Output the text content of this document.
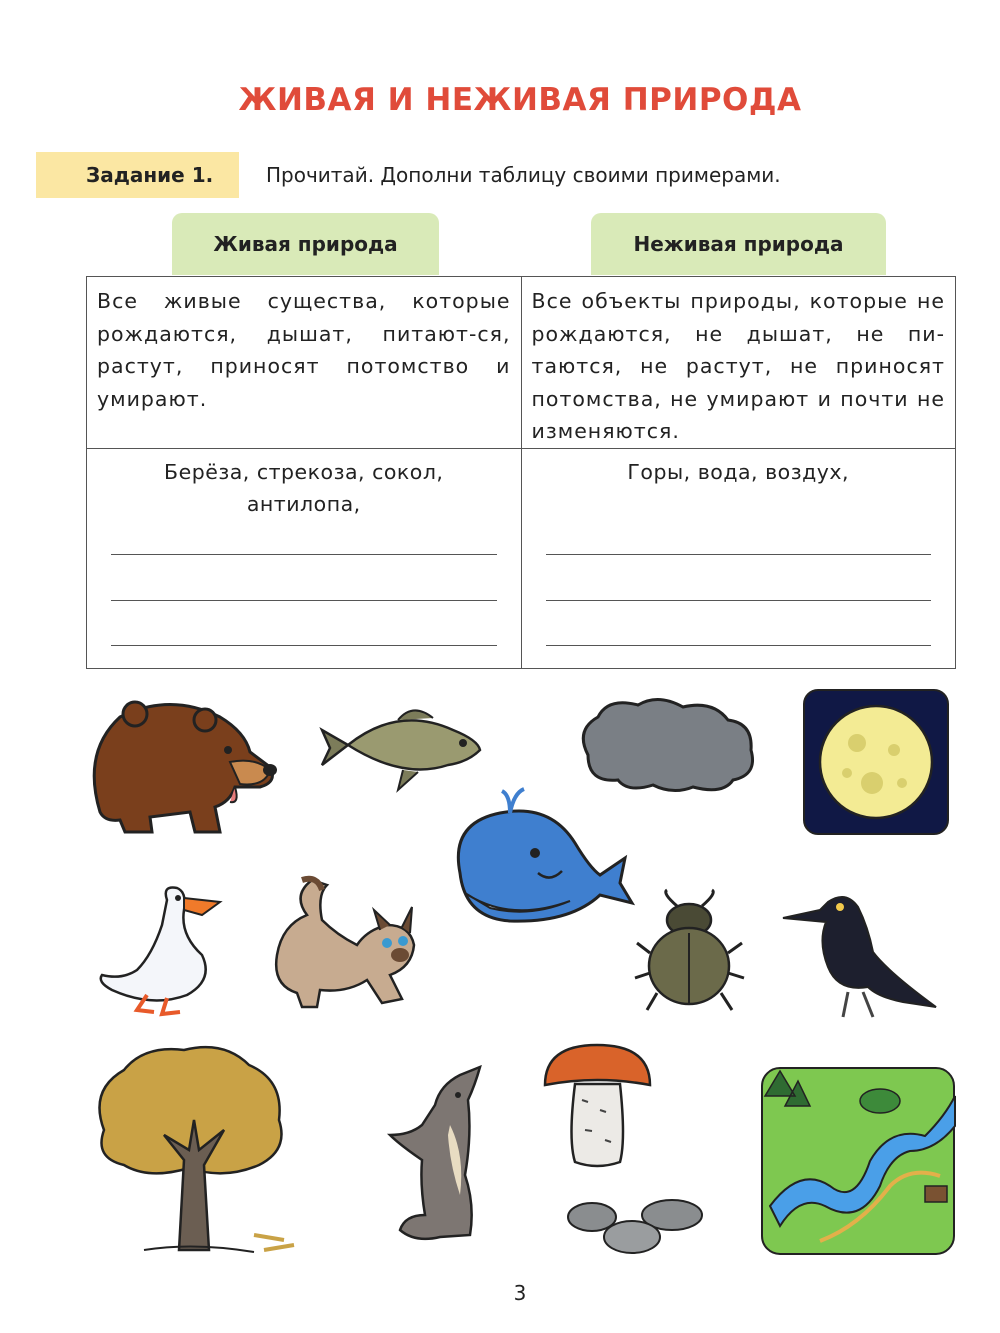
ЖИВАЯ И НЕЖИВАЯ ПРИРОДА
Задание 1.	Прочитай. Дополни таблицу своими примерами.
Живая природа	Неживая природа
Все живые существа, которые рождаются, дышат, питают-ся, растут, приносят потомство и умирают.	Все объекты природы, которые не рождаются, не дышат, не пи-таются, не растут, не приносят потомства, не умирают и почти не изменяются.

Берёза, стрекоза, сокол,
антилопа,	Горы, вода, воздух,
3
